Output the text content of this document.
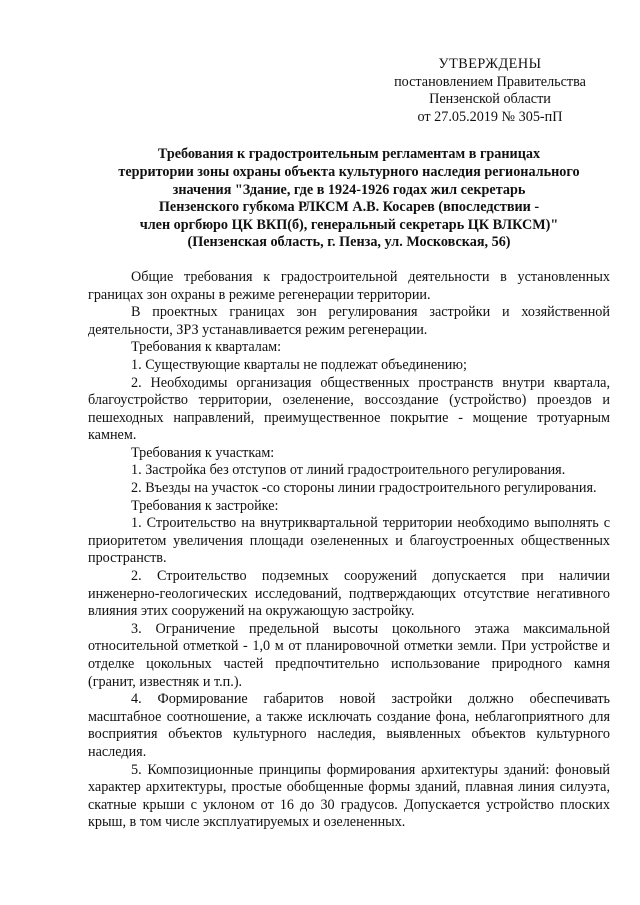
УТВЕРЖДЕНЫ
постановлением Правительства
Пензенской области
от 27.05.2019 № 305-пП
Требования к градостроительным регламентам в границах
территории зоны охраны объекта культурного наследия регионального
значения "Здание, где в 1924-1926 годах жил секретарь
Пензенского губкома РЛКСМ А.В. Косарев (впоследствии -
член оргбюро ЦК ВКП(б), генеральный секретарь ЦК ВЛКСМ)"
(Пензенская область, г. Пенза, ул. Московская, 56)

Общие требования к градостроительной деятельности в установленных границах зон охраны в режиме регенерации территории.

В проектных границах зон регулирования застройки и хозяйственной деятельности, ЗРЗ устанавливается режим регенерации.

Требования к кварталам:

1. Существующие кварталы не подлежат объединению;

2. Необходимы организация общественных пространств внутри квартала, благоустройство территории, озеленение, воссоздание (устройство) проездов и пешеходных направлений, преимущественное покрытие - мощение тротуарным камнем.

Требования к участкам:

1. Застройка без отступов от линий градостроительного регулирования.

2. Въезды на участок -со стороны линии градостроительного регулирования.

Требования к застройке:

1. Строительство на внутриквартальной территории необходимо выполнять с приоритетом увеличения площади озелененных и благоустроенных общественных пространств.

2. Строительство подземных сооружений допускается при наличии инженерно-геологических исследований, подтверждающих отсутствие негативного влияния этих сооружений на окружающую застройку.

3. Ограничение предельной высоты цокольного этажа максимальной относительной отметкой - 1,0 м от планировочной отметки земли. При устройстве и отделке цокольных частей предпочтительно использование природного камня (гранит, известняк и т.п.).

4. Формирование габаритов новой застройки должно обеспечивать масштабное соотношение, а также исключать создание фона, неблагоприятного для восприятия объектов культурного наследия, выявленных объектов культурного наследия.

5. Композиционные принципы формирования архитектуры зданий: фоновый характер архитектуры, простые обобщенные формы зданий, плавная линия силуэта, скатные крыши с уклоном от 16 до 30 градусов. Допускается устройство плоских крыш, в том числе эксплуатируемых и озелененных.
